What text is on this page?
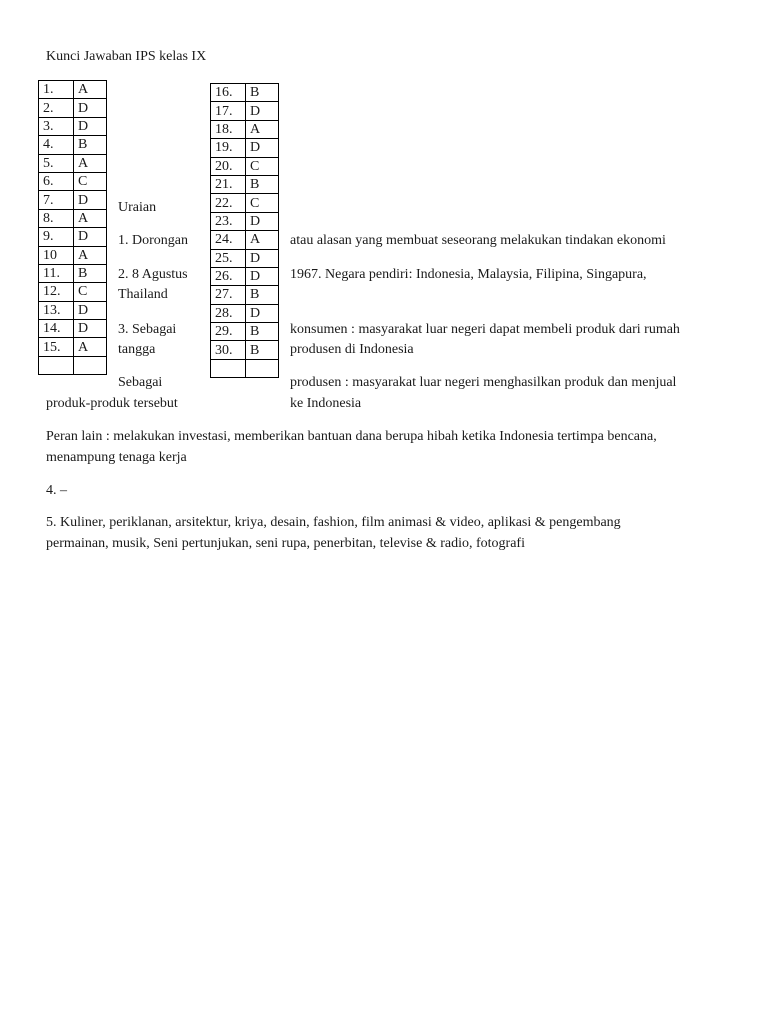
Kunci Jawaban IPS kelas IX
1.	A
2.	D
3.	D
4.	B
5.	A
6.	C
7.	D
8.	A
9.	D
10	A
11.	B
12.	C
13.	D
14.	D
15.	A

16.	B
17.	D
18.	A
19.	D
20.	C
21.	B
22.	C
23.	D
24.	A
25.	D
26.	D
27.	B
28.	D
29.	B
30.	B

Uraian
1. Dorongan	atau alasan yang membuat seseorang melakukan tindakan ekonomi
2. 8 Agustus
Thailand
1967. Negara pendiri: Indonesia, Malaysia, Filipina, Singapura,
3. Sebagai
tangga
konsumen : masyarakat luar negeri dapat membeli produk dari rumah
produsen di Indonesia
Sebagai
produk-produk tersebut
produsen : masyarakat luar negeri menghasilkan produk dan menjual
ke Indonesia
Peran lain : melakukan investasi, memberikan bantuan dana berupa hibah ketika Indonesia tertimpa bencana,
menampung tenaga kerja
4. –
5. Kuliner, periklanan, arsitektur, kriya, desain, fashion, film animasi & video, aplikasi & pengembang
permainan, musik, Seni pertunjukan, seni rupa, penerbitan, televise & radio, fotografi
